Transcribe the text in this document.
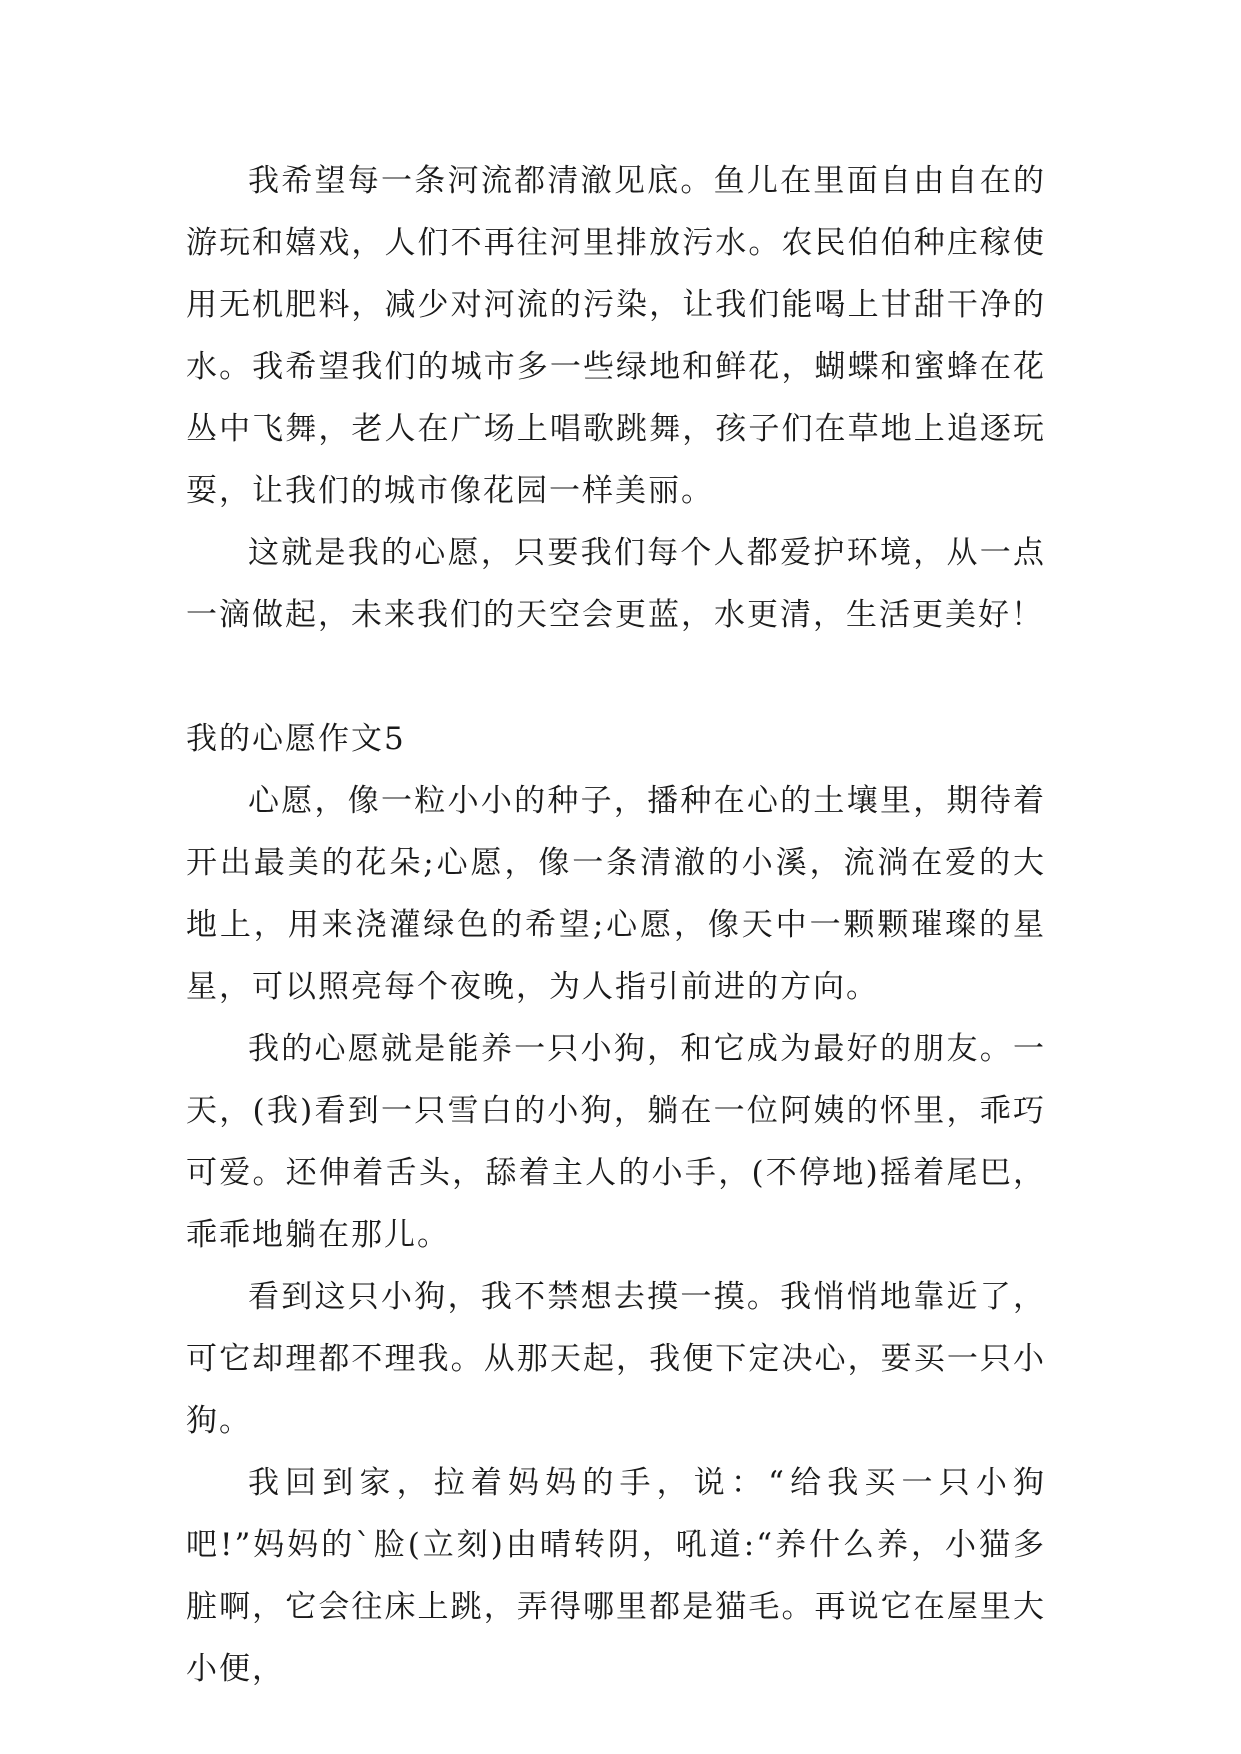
我希望每一条河流都清澈见底。鱼儿在里面自由自在的游玩和嬉戏，人们不再往河里排放污水。农民伯伯种庄稼使用无机肥料，减少对河流的污染，让我们能喝上甘甜干净的水。我希望我们的城市多一些绿地和鲜花，蝴蝶和蜜蜂在花丛中飞舞，老人在广场上唱歌跳舞，孩子们在草地上追逐玩耍，让我们的城市像花园一样美丽。

这就是我的心愿，只要我们每个人都爱护环境，从一点一滴做起，未来我们的天空会更蓝，水更清，生活更美好！

我的心愿作文5

心愿，像一粒小小的种子，播种在心的土壤里，期待着开出最美的花朵;心愿，像一条清澈的小溪，流淌在爱的大地上，用来浇灌绿色的希望;心愿，像天中一颗颗璀璨的星星，可以照亮每个夜晚，为人指引前进的方向。

我的心愿就是能养一只小狗，和它成为最好的朋友。一天，(我)看到一只雪白的小狗，躺在一位阿姨的怀里，乖巧可爱。还伸着舌头，舔着主人的小手，(不停地)摇着尾巴，乖乖地躺在那儿。

看到这只小狗，我不禁想去摸一摸。我悄悄地靠近了，可它却理都不理我。从那天起，我便下定决心，要买一只小狗。

我回到家，拉着妈妈的手，说：“给我买一只小狗吧!”妈妈的`脸(立刻)由晴转阴，吼道:“养什么养，小猫多脏啊，它会往床上跳，弄得哪里都是猫毛。再说它在屋里大小便，
